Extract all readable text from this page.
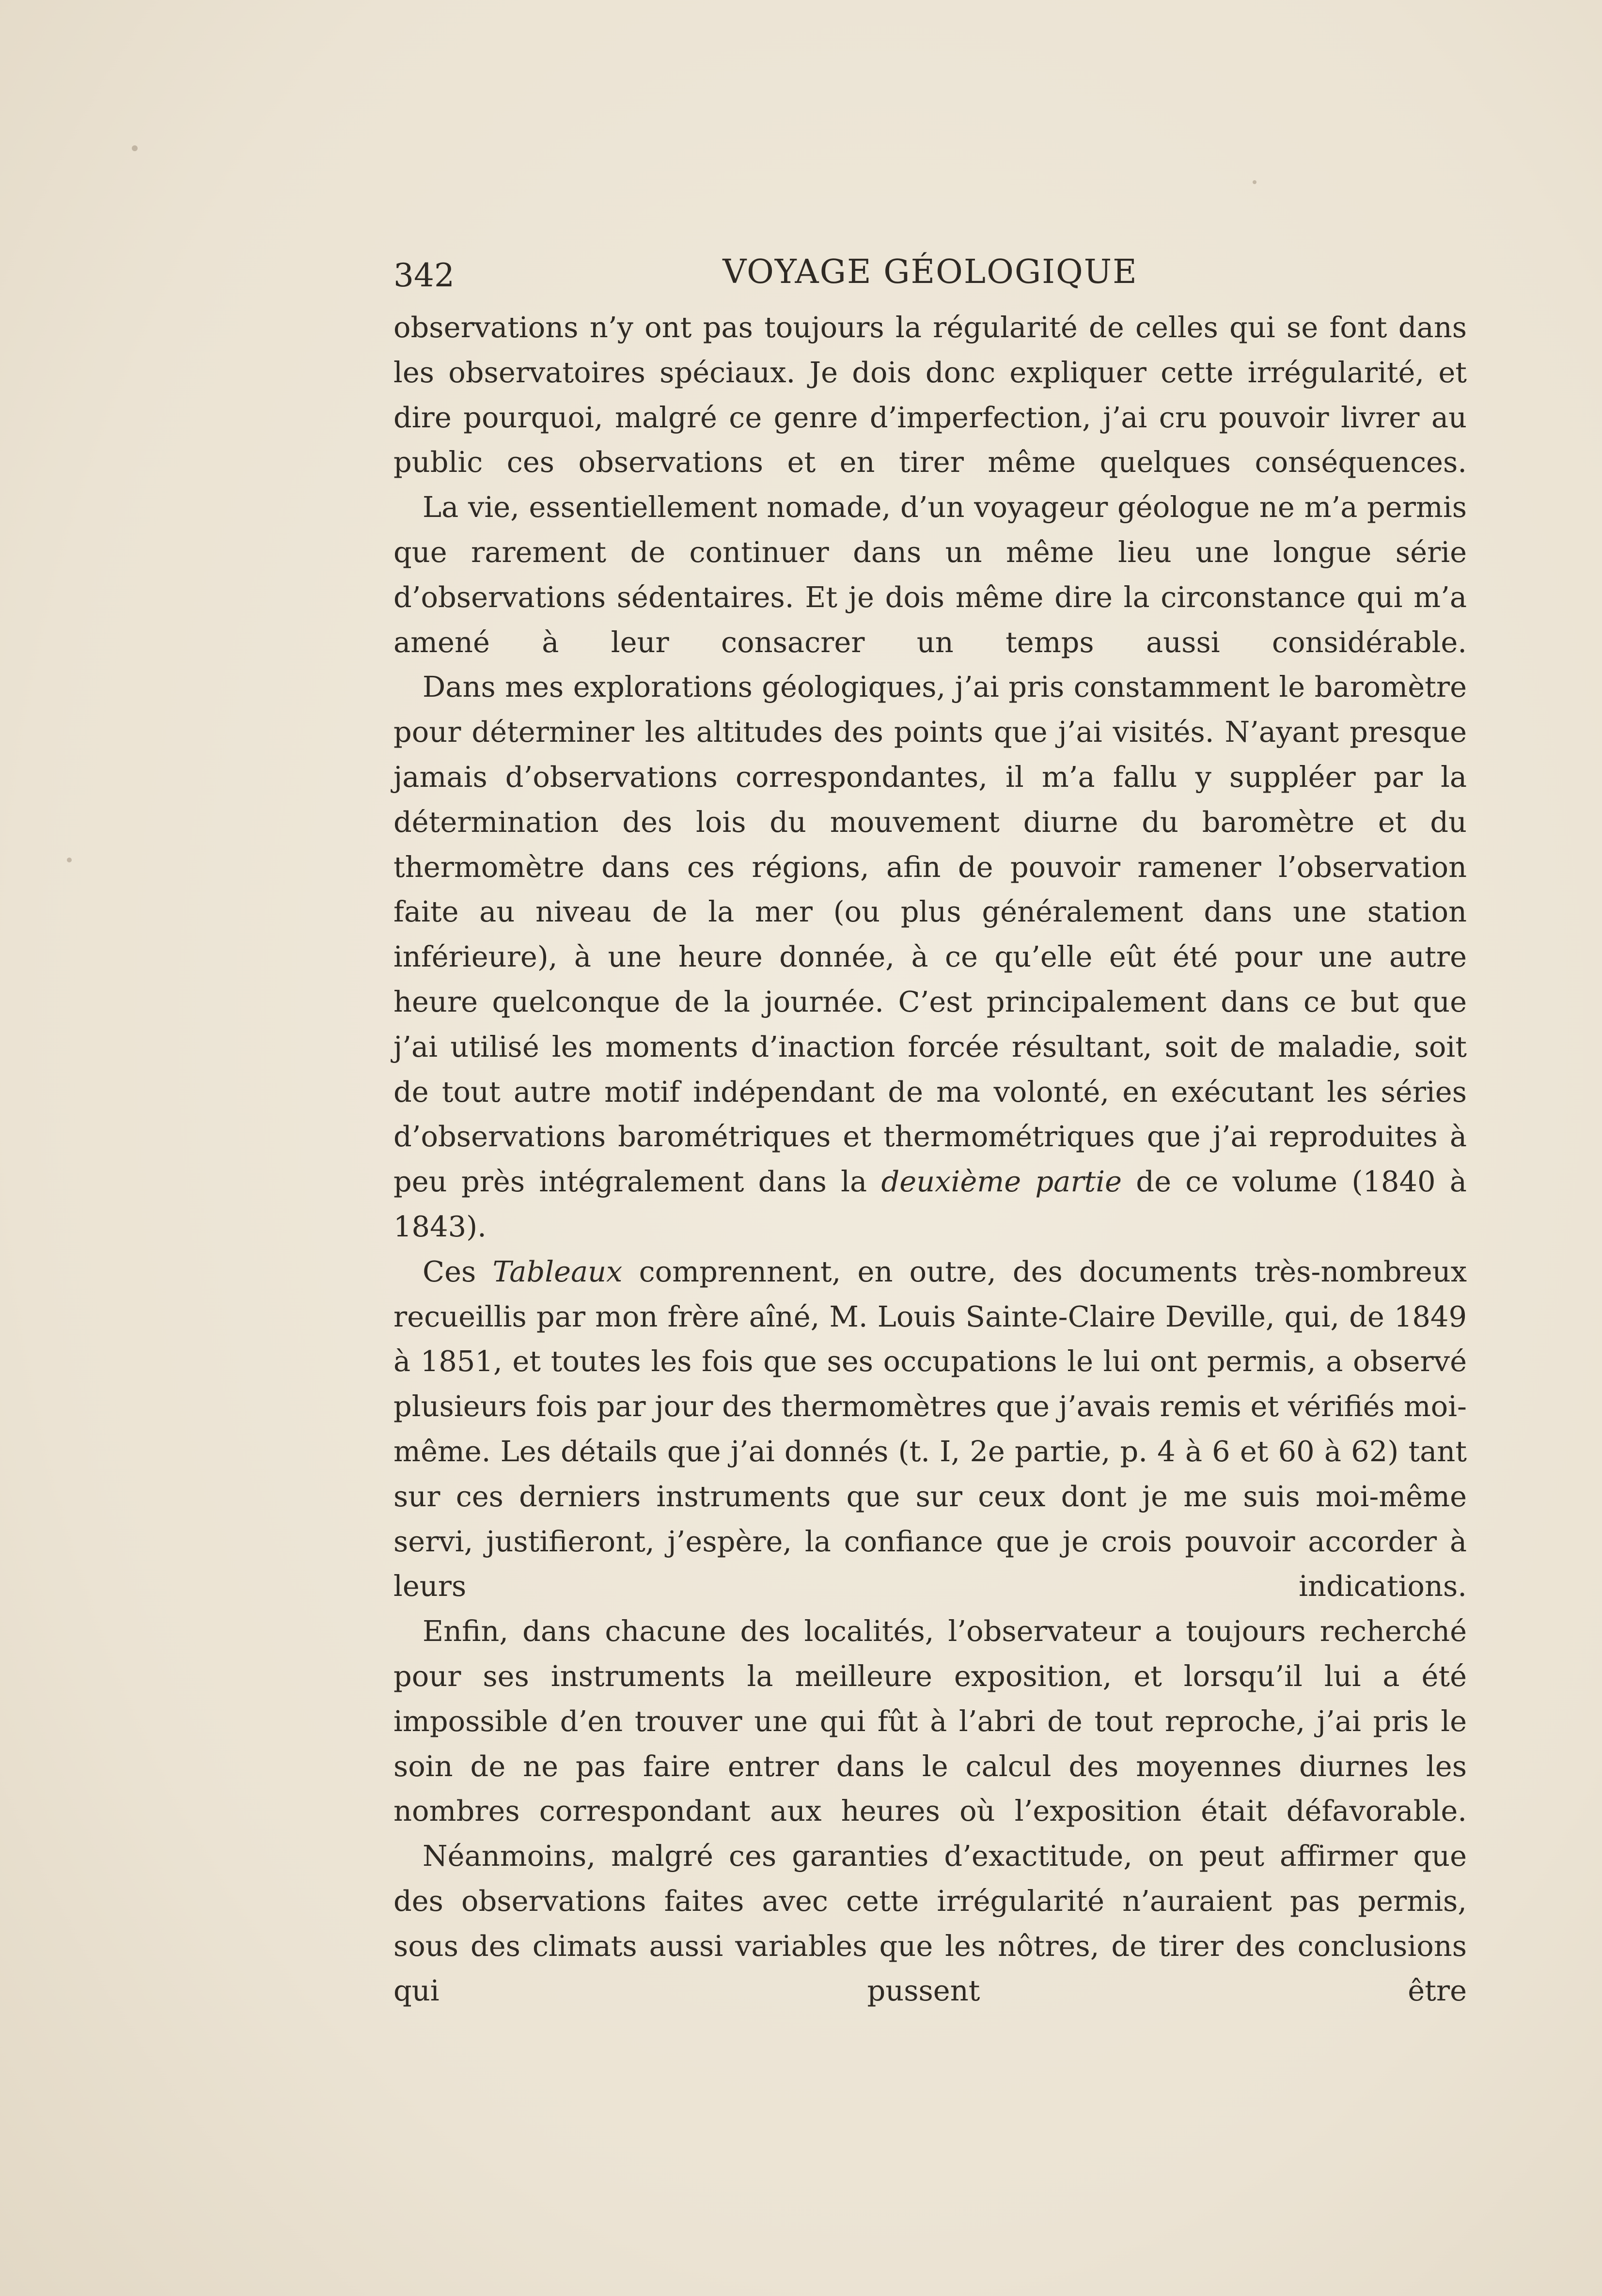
342	VOYAGE GÉOLOGIQUE

observations n’y ont pas toujours la régularité de celles qui se font dans les observatoires spéciaux. Je dois donc expliquer cette irrégularité, et dire pourquoi, malgré ce genre d’imperfection, j’ai cru pouvoir livrer au public ces observations et en tirer même quelques conséquences.

La vie, essentiellement nomade, d’un voyageur géologue ne m’a permis que rarement de continuer dans un même lieu une longue série d’observations sédentaires. Et je dois même dire la circonstance qui m’a amené à leur consacrer un temps aussi considérable.

Dans mes explorations géologiques, j’ai pris constamment le baromètre pour déterminer les altitudes des points que j’ai visités. N’ayant presque jamais d’observations correspondantes, il m’a fallu y suppléer par la détermination des lois du mouvement diurne du baromètre et du thermomètre dans ces régions, afin de pouvoir ramener l’observation faite au niveau de la mer (ou plus généralement dans une station inférieure), à une heure donnée, à ce qu’elle eût été pour une autre heure quelconque de la journée. C’est principalement dans ce but que j’ai utilisé les moments d’inaction forcée résultant, soit de maladie, soit de tout autre motif indépendant de ma volonté, en exécutant les séries d’observations barométriques et thermométriques que j’ai reproduites à peu près intégralement dans la deuxième partie de ce volume (1840 à 1843).

Ces Tableaux comprennent, en outre, des documents très-nombreux recueillis par mon frère aîné, M. Louis Sainte-Claire Deville, qui, de 1849 à 1851, et toutes les fois que ses occupations le lui ont permis, a observé plusieurs fois par jour des thermomètres que j’avais remis et vérifiés moi-même. Les détails que j’ai donnés (t. I, 2e partie, p. 4 à 6 et 60 à 62) tant sur ces derniers instruments que sur ceux dont je me suis moi-même servi, justifieront, j’espère, la confiance que je crois pouvoir accorder à leurs indications.

Enfin, dans chacune des localités, l’observateur a toujours recherché pour ses instruments la meilleure exposition, et lorsqu’il lui a été impossible d’en trouver une qui fût à l’abri de tout reproche, j’ai pris le soin de ne pas faire entrer dans le calcul des moyennes diurnes les nombres correspondant aux heures où l’exposition était défavorable.

Néanmoins, malgré ces garanties d’exactitude, on peut affirmer que des observations faites avec cette irrégularité n’auraient pas permis, sous des climats aussi variables que les nôtres, de tirer des conclusions qui pussent être
